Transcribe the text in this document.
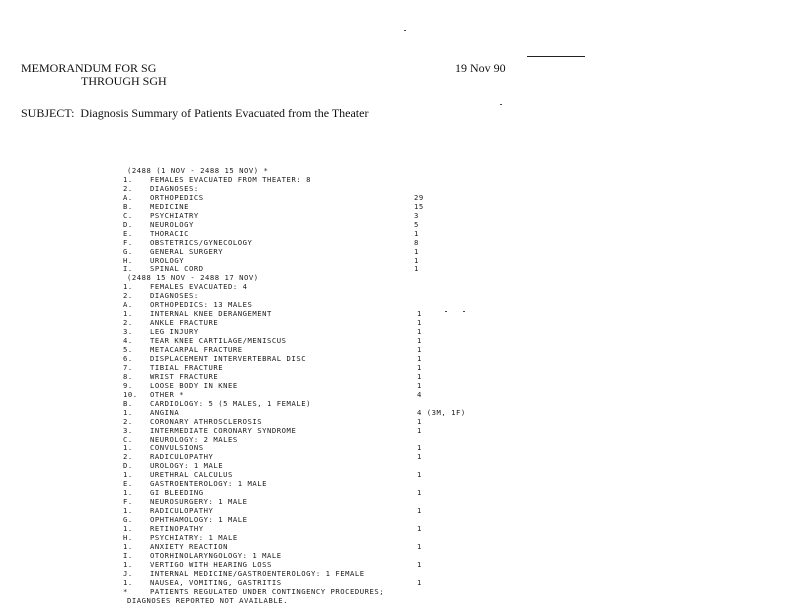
MEMORANDUM FOR SG
THROUGH SGH
19 Nov 90
SUBJECT: Diagnosis Summary of Patients Evacuated from the Theater
(2488 (1 NOV - 2488 15 NOV) *
1. FEMALES EVACUATED FROM THEATER: 8
2. DIAGNOSES:
A. ORTHOPEDICS	29
B. MEDICINE	15
C. PSYCHIATRY	3
D. NEUROLOGY	5
E. THORACIC	1
F. OBSTETRICS/GYNECOLOGY	8
G. GENERAL SURGERY	1
H. UROLOGY	1
I. SPINAL CORD	1
(2488 15 NOV - 2488 17 NOV)
1. FEMALES EVACUATED: 4
2. DIAGNOSES:
A. ORTHOPEDICS: 13 MALES
1. INTERNAL KNEE DERANGEMENT	1
2. ANKLE FRACTURE	1
3. LEG INJURY	1
4. TEAR KNEE CARTILAGE/MENISCUS	1
5. METACARPAL FRACTURE	1
6. DISPLACEMENT INTERVERTEBRAL DISC	1
7. TIBIAL FRACTURE	1
8. WRIST FRACTURE	1
9. LOOSE BODY IN KNEE	1
10. OTHER *	4
B. CARDIOLOGY: 5 (5 MALES, 1 FEMALE)
1. ANGINA	4 (3M, 1F)
2. CORONARY ATHROSCLEROSIS	1
3. INTERMEDIATE CORONARY SYNDROME	1
C. NEUROLOGY: 2 MALES
1. CONVULSIONS	1
2. RADICULOPATHY	1
D. UROLOGY: 1 MALE
1. URETHRAL CALCULUS	1
E. GASTROENTEROLOGY: 1 MALE
1. GI BLEEDING	1
F. NEUROSURGERY: 1 MALE
1. RADICULOPATHY	1
G. OPHTHAMOLOGY: 1 MALE
1. RETINOPATHY	1
H. PSYCHIATRY: 1 MALE
1. ANXIETY REACTION	1
I. OTORHINOLARYNGOLOGY: 1 MALE
1. VERTIGO WITH HEARING LOSS	1
J. INTERNAL MEDICINE/GASTROENTEROLOGY: 1 FEMALE
1. NAUSEA, VOMITING, GASTRITIS	1
*	PATIENTS REGULATED UNDER CONTINGENCY PROCEDURES;
DIAGNOSES REPORTED NOT AVAILABLE.
